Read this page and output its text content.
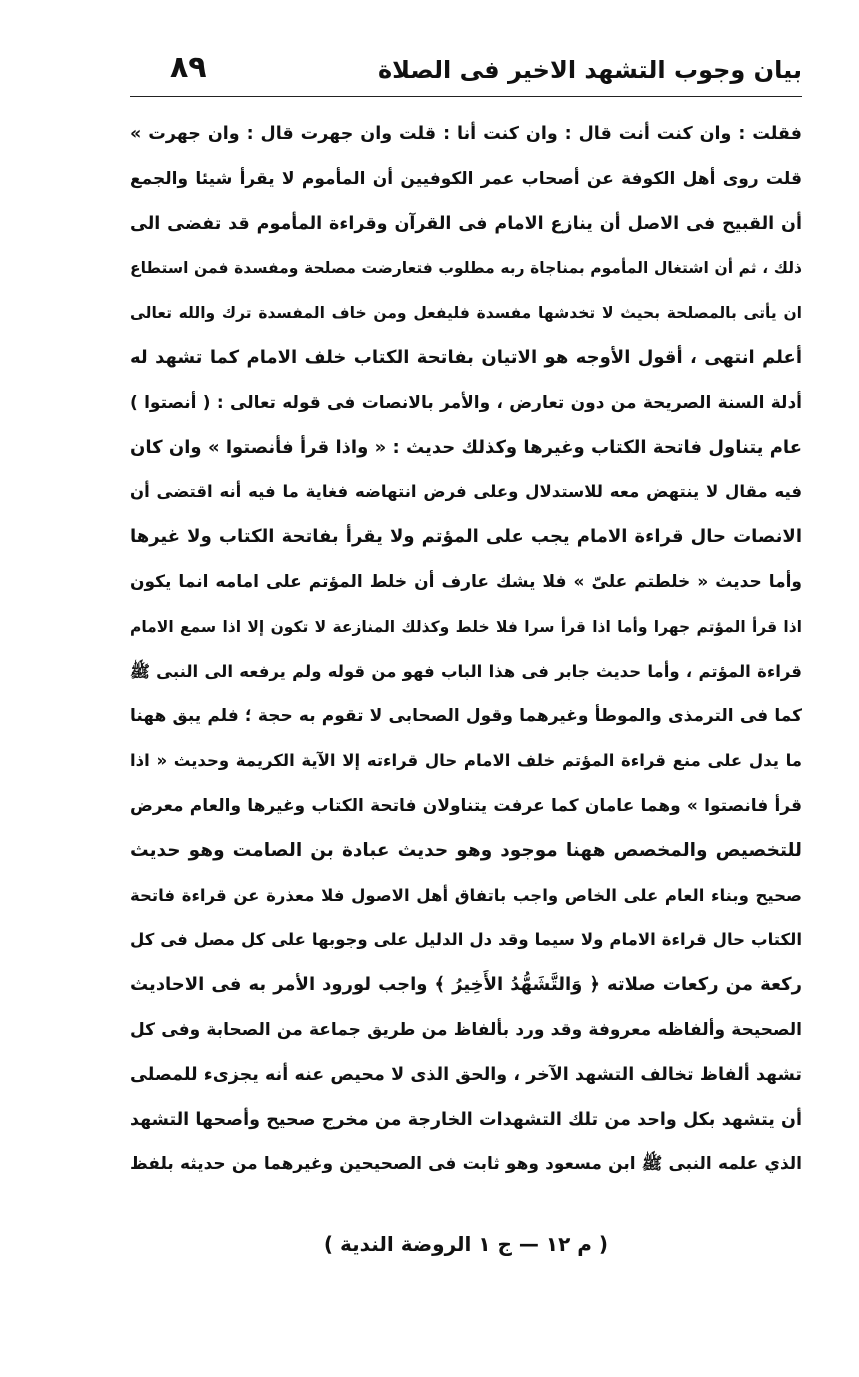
٨٩	بيان وجوب التشهد الاخير فى الصلاة
فقلت : وان كنت أنت قال : وان كنت أنا : قلت وان جهرت قال : وان جهرت »
قلت روى أهل الكوفة عن أصحاب عمر الكوفيين أن المأموم لا يقرأ شيئا والجمع
أن القبيح فى الاصل أن ينازع الامام فى القرآن وقراءة المأموم قد تفضى الى
ذلك ، ثم أن اشتغال المأموم بمناجاة ربه مطلوب فتعارضت مصلحة ومفسدة فمن استطاع
ان يأتى بالمصلحة بحيث لا تخدشها مفسدة فليفعل ومن خاف المفسدة ترك والله تعالى
أعلم انتهى ، أقول الأوجه هو الاتيان بفاتحة الكتاب خلف الامام كما تشهد له
أدلة السنة الصريحة من دون تعارض ، والأمر بالانصات فى قوله تعالى : ( أنصتوا )
عام يتناول فاتحة الكتاب وغيرها وكذلك حديث : « واذا قرأ فأنصتوا » وان كان
فيه مقال لا ينتهض معه للاستدلال وعلى فرض انتهاضه فغاية ما فيه أنه اقتضى أن
الانصات حال قراءة الامام يجب على المؤتم ولا يقرأ بفاتحة الكتاب ولا غيرها
وأما حديث « خلطتم علىّ » فلا يشك عارف أن خلط المؤتم على امامه انما يكون
اذا قرأ المؤتم جهرا وأما اذا قرأ سرا فلا خلط وكذلك المنازعة لا تكون إلا اذا سمع الامام
قراءة المؤتم ، وأما حديث جابر فى هذا الباب فهو من قوله ولم يرفعه الى النبى ﷺ
كما فى الترمذى والموطأ وغيرهما وقول الصحابى لا تقوم به حجة ؛ فلم يبق ههنا
ما يدل على منع قراءة المؤتم خلف الامام حال قراءته إلا الآية الكريمة وحديث « اذا
قرأ فانصتوا » وهما عامان كما عرفت يتناولان فاتحة الكتاب وغيرها والعام معرض
للتخصيص والمخصص ههنا موجود وهو حديث عبادة بن الصامت وهو حديث
صحيح وبناء العام على الخاص واجب باتفاق أهل الاصول فلا معذرة عن قراءة فاتحة
الكتاب حال قراءة الامام ولا سيما وقد دل الدليل على وجوبها على كل مصل فى كل
ركعة من ركعات صلاته ﴿ وَالتَّشَهُّدُ الأَخِيرُ ﴾ واجب لورود الأمر به فى الاحاديث
الصحيحة وألفاظه معروفة وقد ورد بألفاظ من طريق جماعة من الصحابة وفى كل
تشهد ألفاظ تخالف التشهد الآخر ، والحق الذى لا محيص عنه أنه يجزىء للمصلى
أن يتشهد بكل واحد من تلك التشهدات الخارجة من مخرج صحيح وأصحها التشهد
الذي علمه النبى ﷺ ابن مسعود وهو ثابت فى الصحيحين وغيرهما من حديثه بلفظ
( م ١٢ — ج ١ الروضة الندية )
